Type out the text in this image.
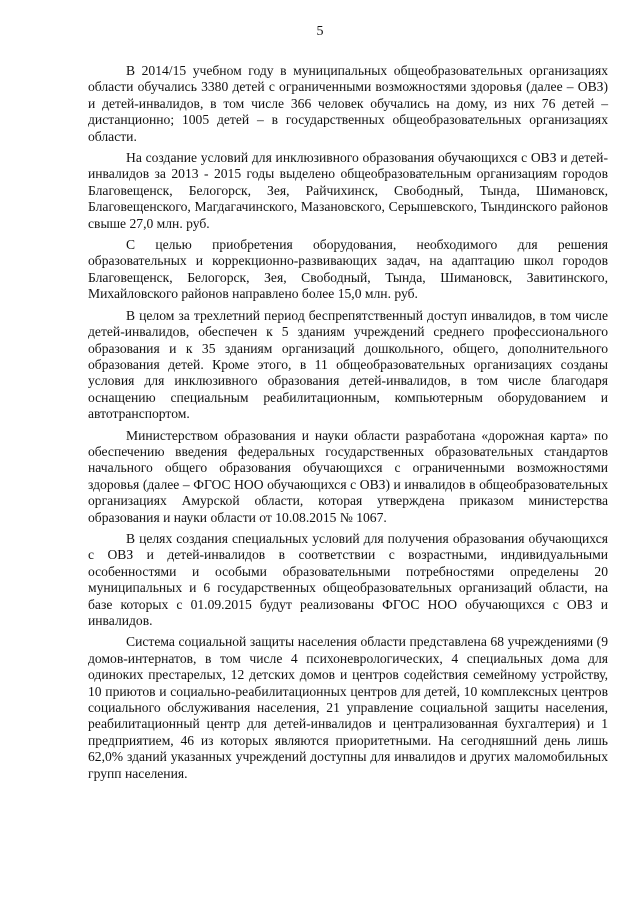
5

В 2014/15 учебном году в муниципальных общеобразовательных организациях области обучались 3380 детей с ограниченными возможностями здоровья (далее – ОВЗ) и детей-инвалидов, в том числе 366 человек обучались на дому, из них 76 детей – дистанционно; 1005 детей – в государственных общеобразовательных организациях области.

На создание условий для инклюзивного образования обучающихся с ОВЗ и детей-инвалидов за 2013 - 2015 годы выделено общеобразовательным организациям городов Благовещенск, Белогорск, Зея, Райчихинск, Свободный, Тында, Шимановск, Благовещенского, Магдагачинского, Мазановского, Серышевского, Тындинского районов свыше 27,0 млн. руб.

С целью приобретения оборудования, необходимого для решения образовательных и коррекционно-развивающих задач, на адаптацию школ городов Благовещенск, Белогорск, Зея, Свободный, Тында, Шимановск, Завитинского, Михайловского районов направлено более 15,0 млн. руб.

В целом за трехлетний период беспрепятственный доступ инвалидов, в том числе детей-инвалидов, обеспечен к 5 зданиям учреждений среднего профессионального образования и к 35 зданиям организаций дошкольного, общего, дополнительного образования детей. Кроме этого, в 11 общеобразовательных организациях созданы условия для инклюзивного образования детей-инвалидов, в том числе благодаря оснащению специальным реабилитационным, компьютерным оборудованием и автотранспортом.

Министерством образования и науки области разработана «дорожная карта» по обеспечению введения федеральных государственных образовательных стандартов начального общего образования обучающихся с ограниченными возможностями здоровья (далее – ФГОС НОО обучающихся с ОВЗ) и инвалидов в общеобразовательных организациях Амурской области, которая утверждена приказом министерства образования и науки области от 10.08.2015 № 1067.

В целях создания специальных условий для получения образования обучающихся с ОВЗ и детей-инвалидов в соответствии с возрастными, индивидуальными особенностями и особыми образовательными потребностями определены 20 муниципальных и 6 государственных общеобразовательных организаций области, на базе которых с 01.09.2015 будут реализованы ФГОС НОО обучающихся с ОВЗ и инвалидов.

Система социальной защиты населения области представлена 68 учреждениями (9 домов-интернатов, в том числе 4 психоневрологических, 4 специальных дома для одиноких престарелых, 12 детских домов и центров содействия семейному устройству, 10 приютов и социально-реабилитационных центров для детей, 10 комплексных центров социального обслуживания населения, 21 управление социальной защиты населения, реабилитационный центр для детей-инвалидов и централизованная бухгалтерия) и 1 предприятием, 46 из которых являются приоритетными. На сегодняшний день лишь 62,0% зданий указанных учреждений доступны для инвалидов и других маломобильных групп населения.
